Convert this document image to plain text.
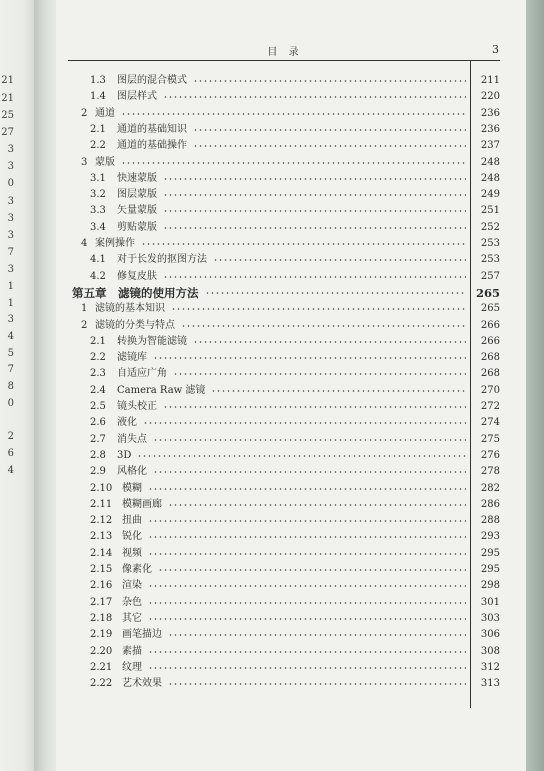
21
21
25
27
3
3
0
3
3
3
7
3
1
1
3
4
5
7
8
0
2
6
4
目 录	3
1.3 图层的混合模式	211
1.4 图层样式	220
2 通道	236
2.1 通道的基础知识	236
2.2 通道的基础操作	237
3 蒙版	248
3.1 快速蒙版	248
3.2 图层蒙版	249
3.3 矢量蒙版	251
3.4 剪贴蒙版	252
4 案例操作	253
4.1 对于长发的抠图方法	253
4.2 修复皮肤	257
第五章 滤镜的使用方法	265
1 滤镜的基本知识	265
2 滤镜的分类与特点	266
2.1 转换为智能滤镜	266
2.2 滤镜库	268
2.3 自适应广角	268
2.4 Camera Raw 滤镜	270
2.5 镜头校正	272
2.6 液化	274
2.7 消失点	275
2.8 3D	276
2.9 风格化	278
2.10 模糊	282
2.11 模糊画廊	286
2.12 扭曲	288
2.13 锐化	293
2.14 视频	295
2.15 像素化	295
2.16 渲染	298
2.17 杂色	301
2.18 其它	303
2.19 画笔描边	306
2.20 素描	308
2.21 纹理	312
2.22 艺术效果	313
